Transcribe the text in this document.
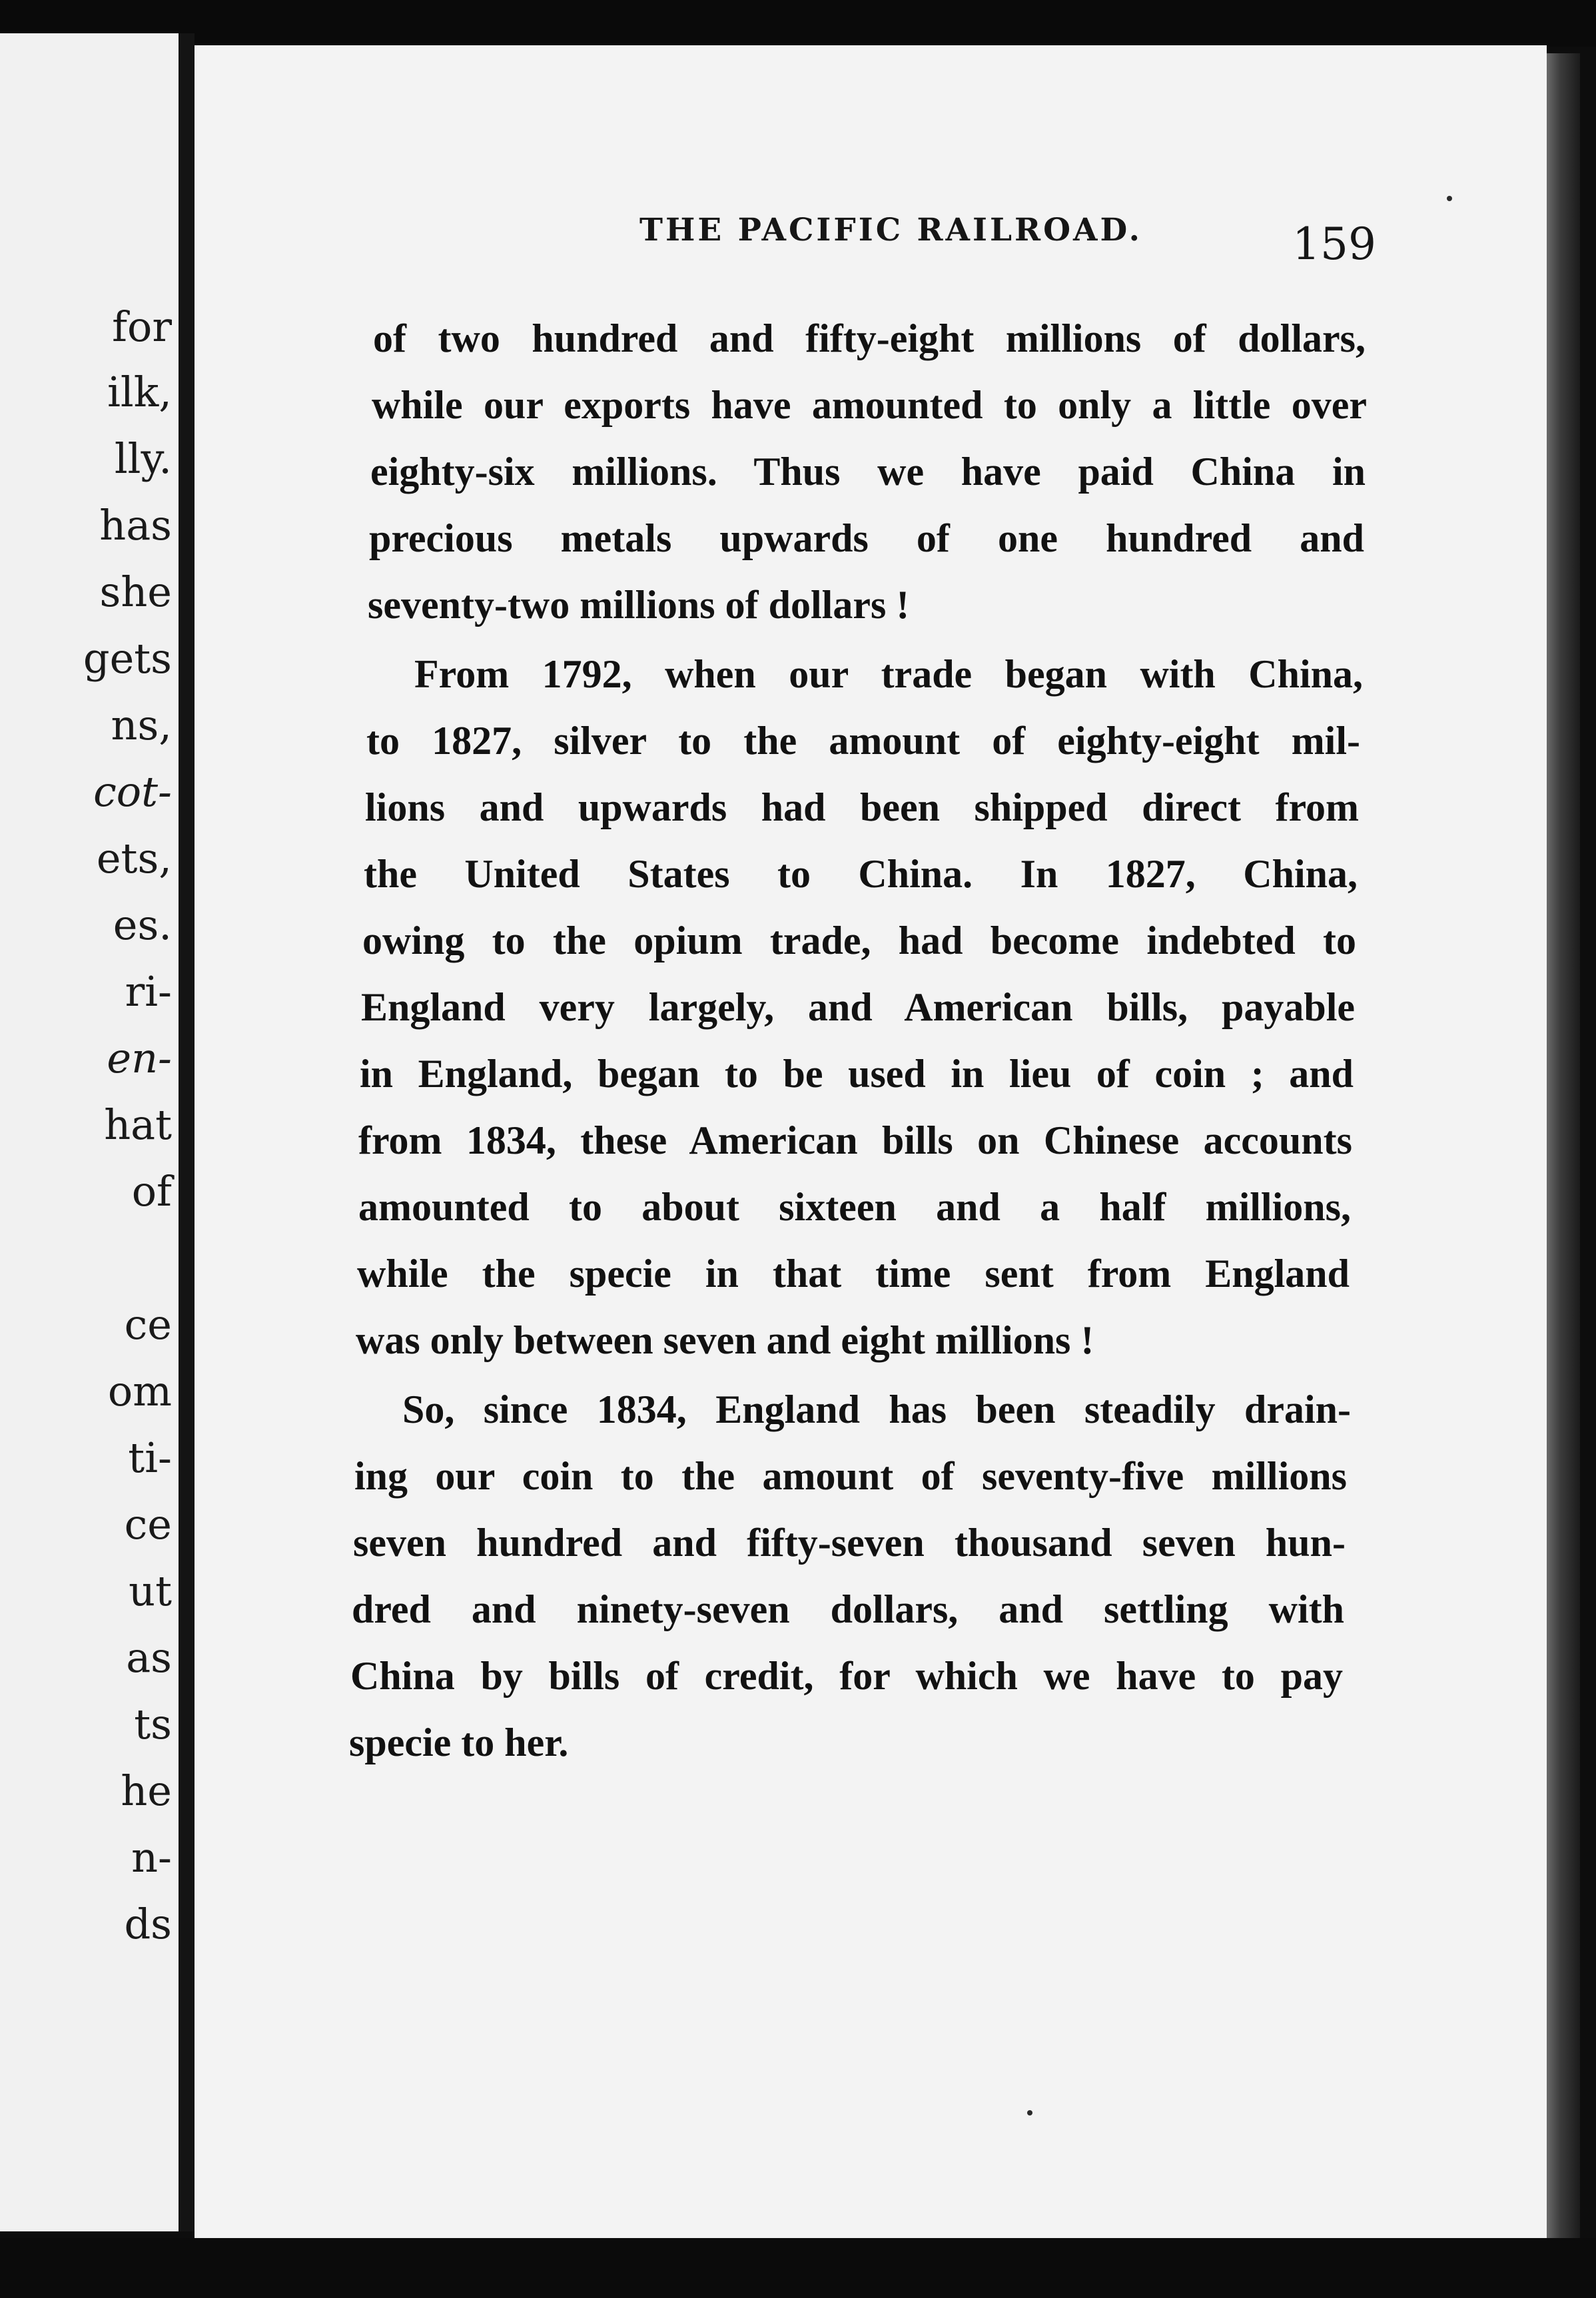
for
ilk,
lly.
has
she
gets
ns,
cot-
ets,
es.
ri-
en-
hat
of
ce
om
ti-
ce
ut
as
ts
he
n-
ds
THE PACIFIC RAILROAD.	159
of two hundred and fifty-eight millions of dollars,
while our exports have amounted to only a little over
eighty-six millions. Thus we have paid China in
precious metals upwards of one hundred and
seventy-two millions of dollars !
From 1792, when our trade began with China,
to 1827, silver to the amount of eighty-eight mil-
lions and upwards had been shipped direct from
the United States to China. In 1827, China,
owing to the opium trade, had become indebted to
England very largely, and American bills, payable
in England, began to be used in lieu of coin ; and
from 1834, these American bills on Chinese accounts
amounted to about sixteen and a half millions,
while the specie in that time sent from England
was only between seven and eight millions !
So, since 1834, England has been steadily drain-
ing our coin to the amount of seventy-five millions
seven hundred and fifty-seven thousand seven hun-
dred and ninety-seven dollars, and settling with
China by bills of credit, for which we have to pay
specie to her.
